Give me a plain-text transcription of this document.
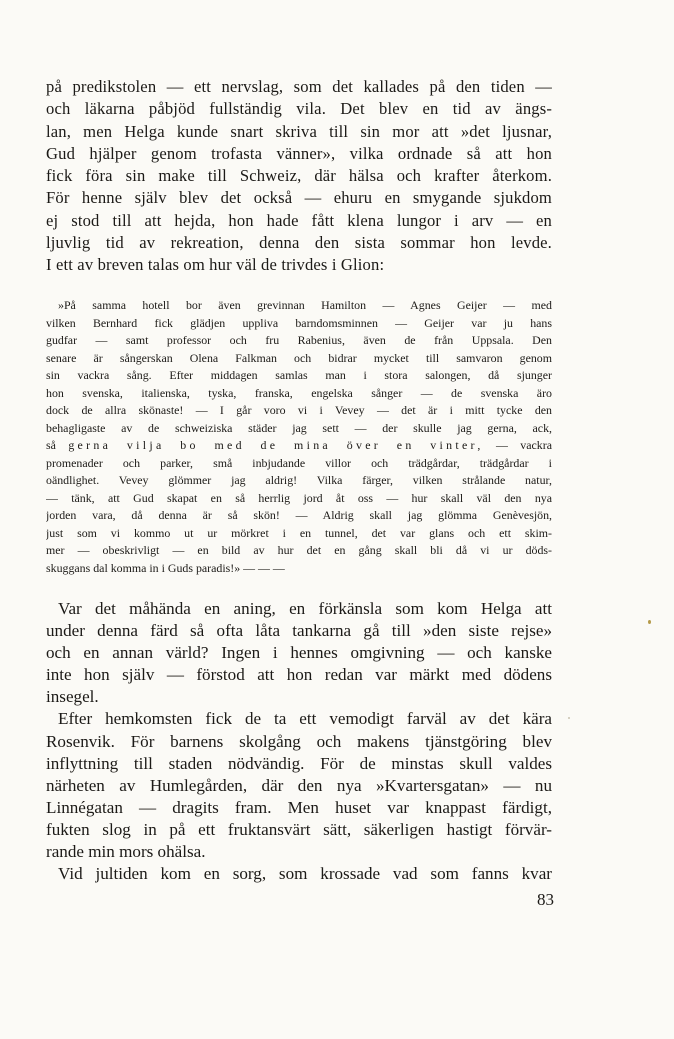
på predikstolen — ett nervslag, som det kallades på den tiden —
och läkarna påbjöd fullständig vila. Det blev en tid av ängs-
lan, men Helga kunde snart skriva till sin mor att »det ljusnar,
Gud hjälper genom trofasta vänner», vilka ordnade så att hon
fick föra sin make till Schweiz, där hälsa och krafter återkom.
För henne själv blev det också — ehuru en smygande sjukdom
ej stod till att hejda, hon hade fått klena lungor i arv — en
ljuvlig tid av rekreation, denna den sista sommar hon levde.
I ett av breven talas om hur väl de trivdes i Glion:
»På samma hotell bor även grevinnan Hamilton — Agnes Geijer — med
vilken Bernhard fick glädjen uppliva barndomsminnen — Geijer var ju hans
gudfar — samt professor och fru Rabenius, även de från Uppsala. Den
senare är sångerskan Olena Falkman och bidrar mycket till samvaron genom
sin vackra sång. Efter middagen samlas man i stora salongen, då sjunger
hon svenska, italienska, tyska, franska, engelska sånger — de svenska äro
dock de allra skönaste! — I går voro vi i Vevey — det är i mitt tycke den
behagligaste av de schweiziska städer jag sett — der skulle jag gerna, ack,
så gerna vilja bo med de mina över en vinter, — vackra
promenader och parker, små inbjudande villor och trädgårdar, trädgårdar i
oändlighet. Vevey glömmer jag aldrig! Vilka färger, vilken strålande natur,
— tänk, att Gud skapat en så herrlig jord åt oss — hur skall väl den nya
jorden vara, då denna är så skön! — Aldrig skall jag glömma Genèvesjön,
just som vi kommo ut ur mörkret i en tunnel, det var glans och ett skim-
mer — obeskrivligt — en bild av hur det en gång skall bli då vi ur döds-
skuggans dal komma in i Guds paradis!» — — —
Var det måhända en aning, en förkänsla som kom Helga att
under denna färd så ofta låta tankarna gå till »den siste rejse»
och en annan värld? Ingen i hennes omgivning — och kanske
inte hon själv — förstod att hon redan var märkt med dödens
insegel.
Efter hemkomsten fick de ta ett vemodigt farväl av det kära
Rosenvik. För barnens skolgång och makens tjänstgöring blev
inflyttning till staden nödvändig. För de minstas skull valdes
närheten av Humlegården, där den nya »Kvartersgatan» — nu
Linnégatan — dragits fram. Men huset var knappast färdigt,
fukten slog in på ett fruktansvärt sätt, säkerligen hastigt förvär-
rande min mors ohälsa.
Vid jultiden kom en sorg, som krossade vad som fanns kvar
83
